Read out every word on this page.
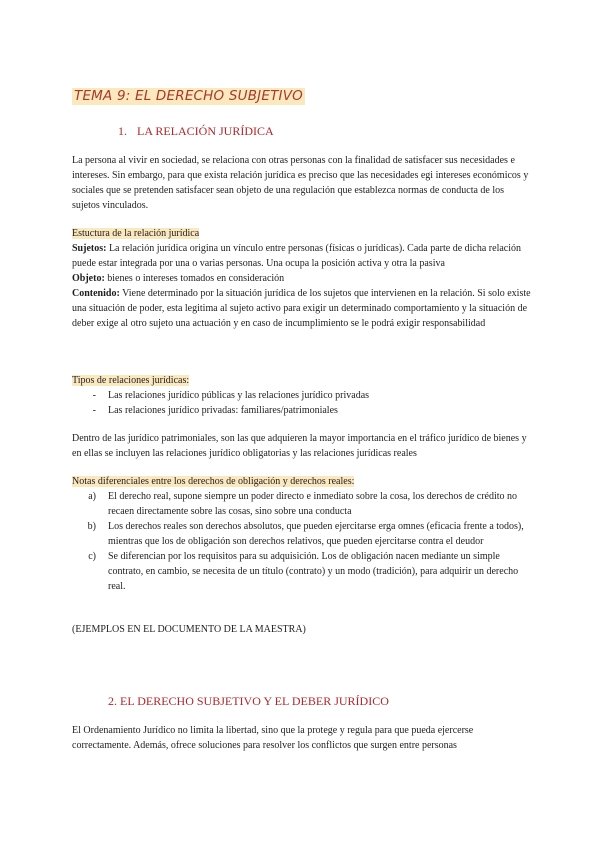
TEMA 9: EL DERECHO SUBJETIVO
1. LA RELACIÓN JURÍDICA
La persona al vivir en sociedad, se relaciona con otras personas con la finalidad de satisfacer sus necesidades e intereses. Sin embargo, para que exista relación jurídica es preciso que las necesidades egi intereses económicos y sociales que se pretenden satisfacer sean objeto de una regulación que establezca normas de conducta de los sujetos vinculados.
Estuctura de la relación jurídica
Sujetos: La relación jurídica origina un vínculo entre personas (físicas o jurídicas). Cada parte de dicha relación puede estar integrada por una o varias personas. Una ocupa la posición activa y otra la pasiva
Objeto: bienes o intereses tomados en consideración
Contenido: Viene determinado por la situación jurídica de los sujetos que intervienen en la relación. Si solo existe una situación de poder, esta legitima al sujeto activo para exigir un determinado comportamiento y la situación de deber exige al otro sujeto una actuación y en caso de incumplimiento se le podrá exigir responsabilidad
Tipos de relaciones jurídicas:
-	Las relaciones jurídico públicas y las relaciones jurídico privadas
-	Las relaciones jurídico privadas: familiares/patrimoniales
Dentro de las jurídico patrimoniales, son las que adquieren la mayor importancia en el tráfico jurídico de bienes y en ellas se incluyen las relaciones jurídico obligatorias y las relaciones jurídicas reales
Notas diferenciales entre los derechos de obligación y derechos reales:
a)	El derecho real, supone siempre un poder directo e inmediato sobre la cosa, los derechos de crédito no recaen directamente sobre las cosas, sino sobre una conducta
b)	Los derechos reales son derechos absolutos, que pueden ejercitarse erga omnes (eficacia frente a todos), mientras que los de obligación son derechos relativos, que pueden ejercitarse contra el deudor
c)	Se diferencian por los requisitos para su adquisición. Los de obligación nacen mediante un simple contrato, en cambio, se necesita de un título (contrato) y un modo (tradición), para adquirir un derecho real.
(EJEMPLOS EN EL DOCUMENTO DE LA MAESTRA)
2. EL DERECHO SUBJETIVO Y EL DEBER JURÍDICO
El Ordenamiento Jurídico no limita la libertad, sino que la protege y regula para que pueda ejercerse correctamente. Además, ofrece soluciones para resolver los conflictos que surgen entre personas
